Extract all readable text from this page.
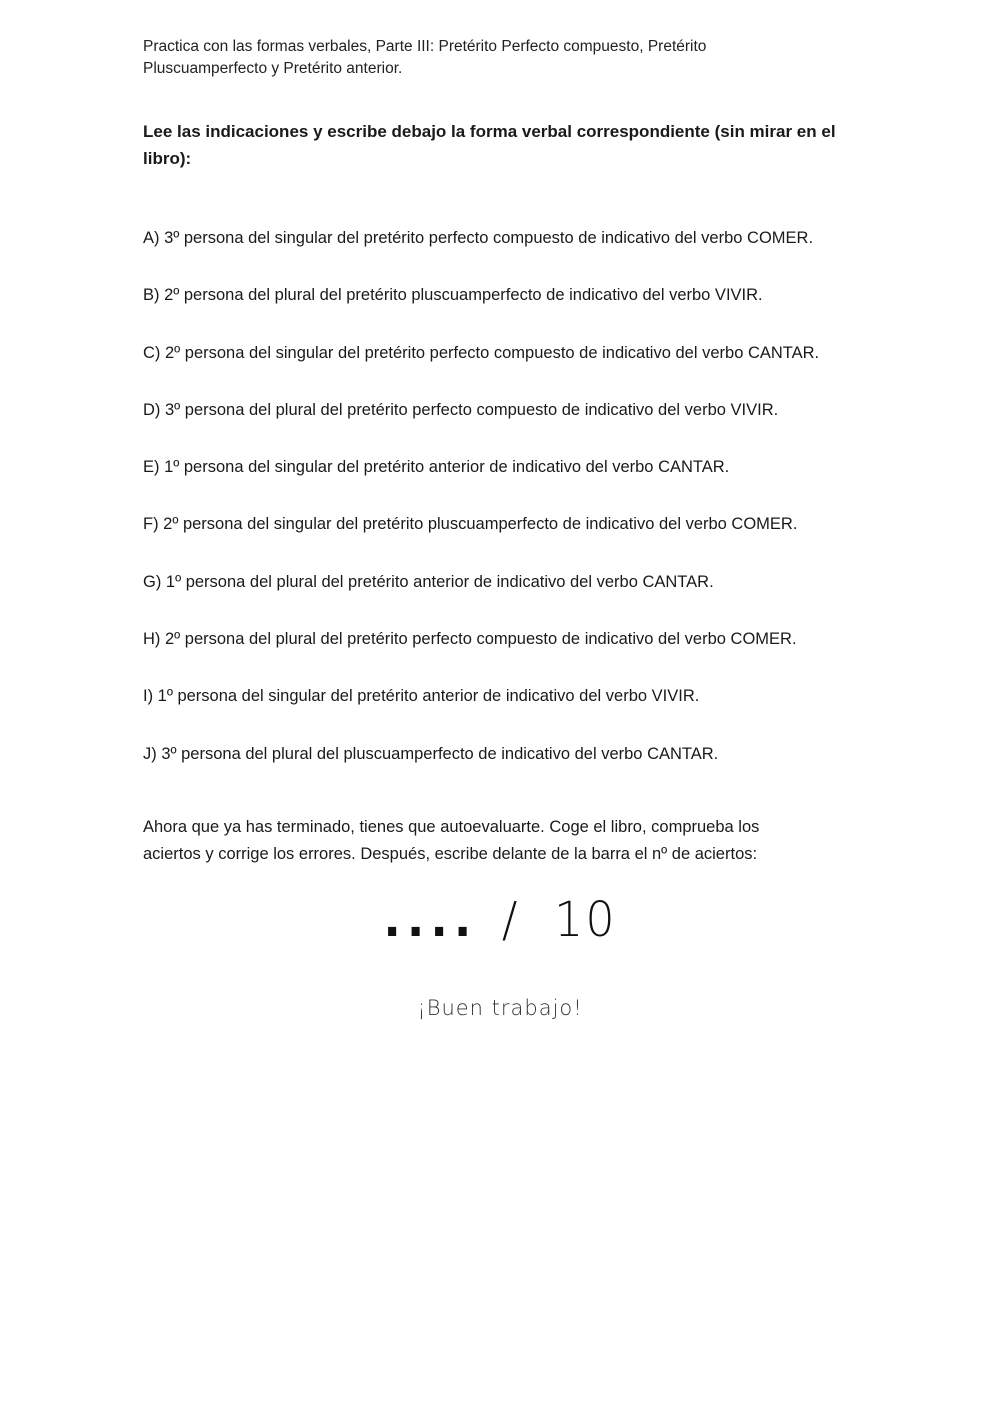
Practica con las formas verbales, Parte III: Pretérito Perfecto compuesto, Pretérito
Pluscuamperfecto y Pretérito anterior.

Lee las indicaciones y escribe debajo la forma verbal correspondiente (sin mirar en el
libro):

A) 3º persona del singular del pretérito perfecto compuesto de indicativo del verbo COMER.
B) 2º persona del plural del pretérito pluscuamperfecto de indicativo del verbo VIVIR.
C) 2º persona del singular del pretérito perfecto compuesto de indicativo del verbo CANTAR.
D) 3º persona del plural del pretérito perfecto compuesto de indicativo del verbo VIVIR.
E) 1º persona del singular del pretérito anterior de indicativo del verbo CANTAR.
F) 2º persona del singular del pretérito pluscuamperfecto de indicativo del verbo COMER.
G) 1º persona del plural del pretérito anterior de indicativo del verbo CANTAR.
H) 2º persona del plural del pretérito perfecto compuesto de indicativo del verbo COMER.
I) 1º persona del singular del pretérito anterior de indicativo del verbo VIVIR.
J) 3º persona del plural del pluscuamperfecto de indicativo del verbo CANTAR.

Ahora que ya has terminado, tienes que autoevaluarte. Coge el libro, comprueba los
aciertos y corrige los errores. Después, escribe delante de la barra el nº de aciertos:

.... / 10
¡Buen trabajo!
